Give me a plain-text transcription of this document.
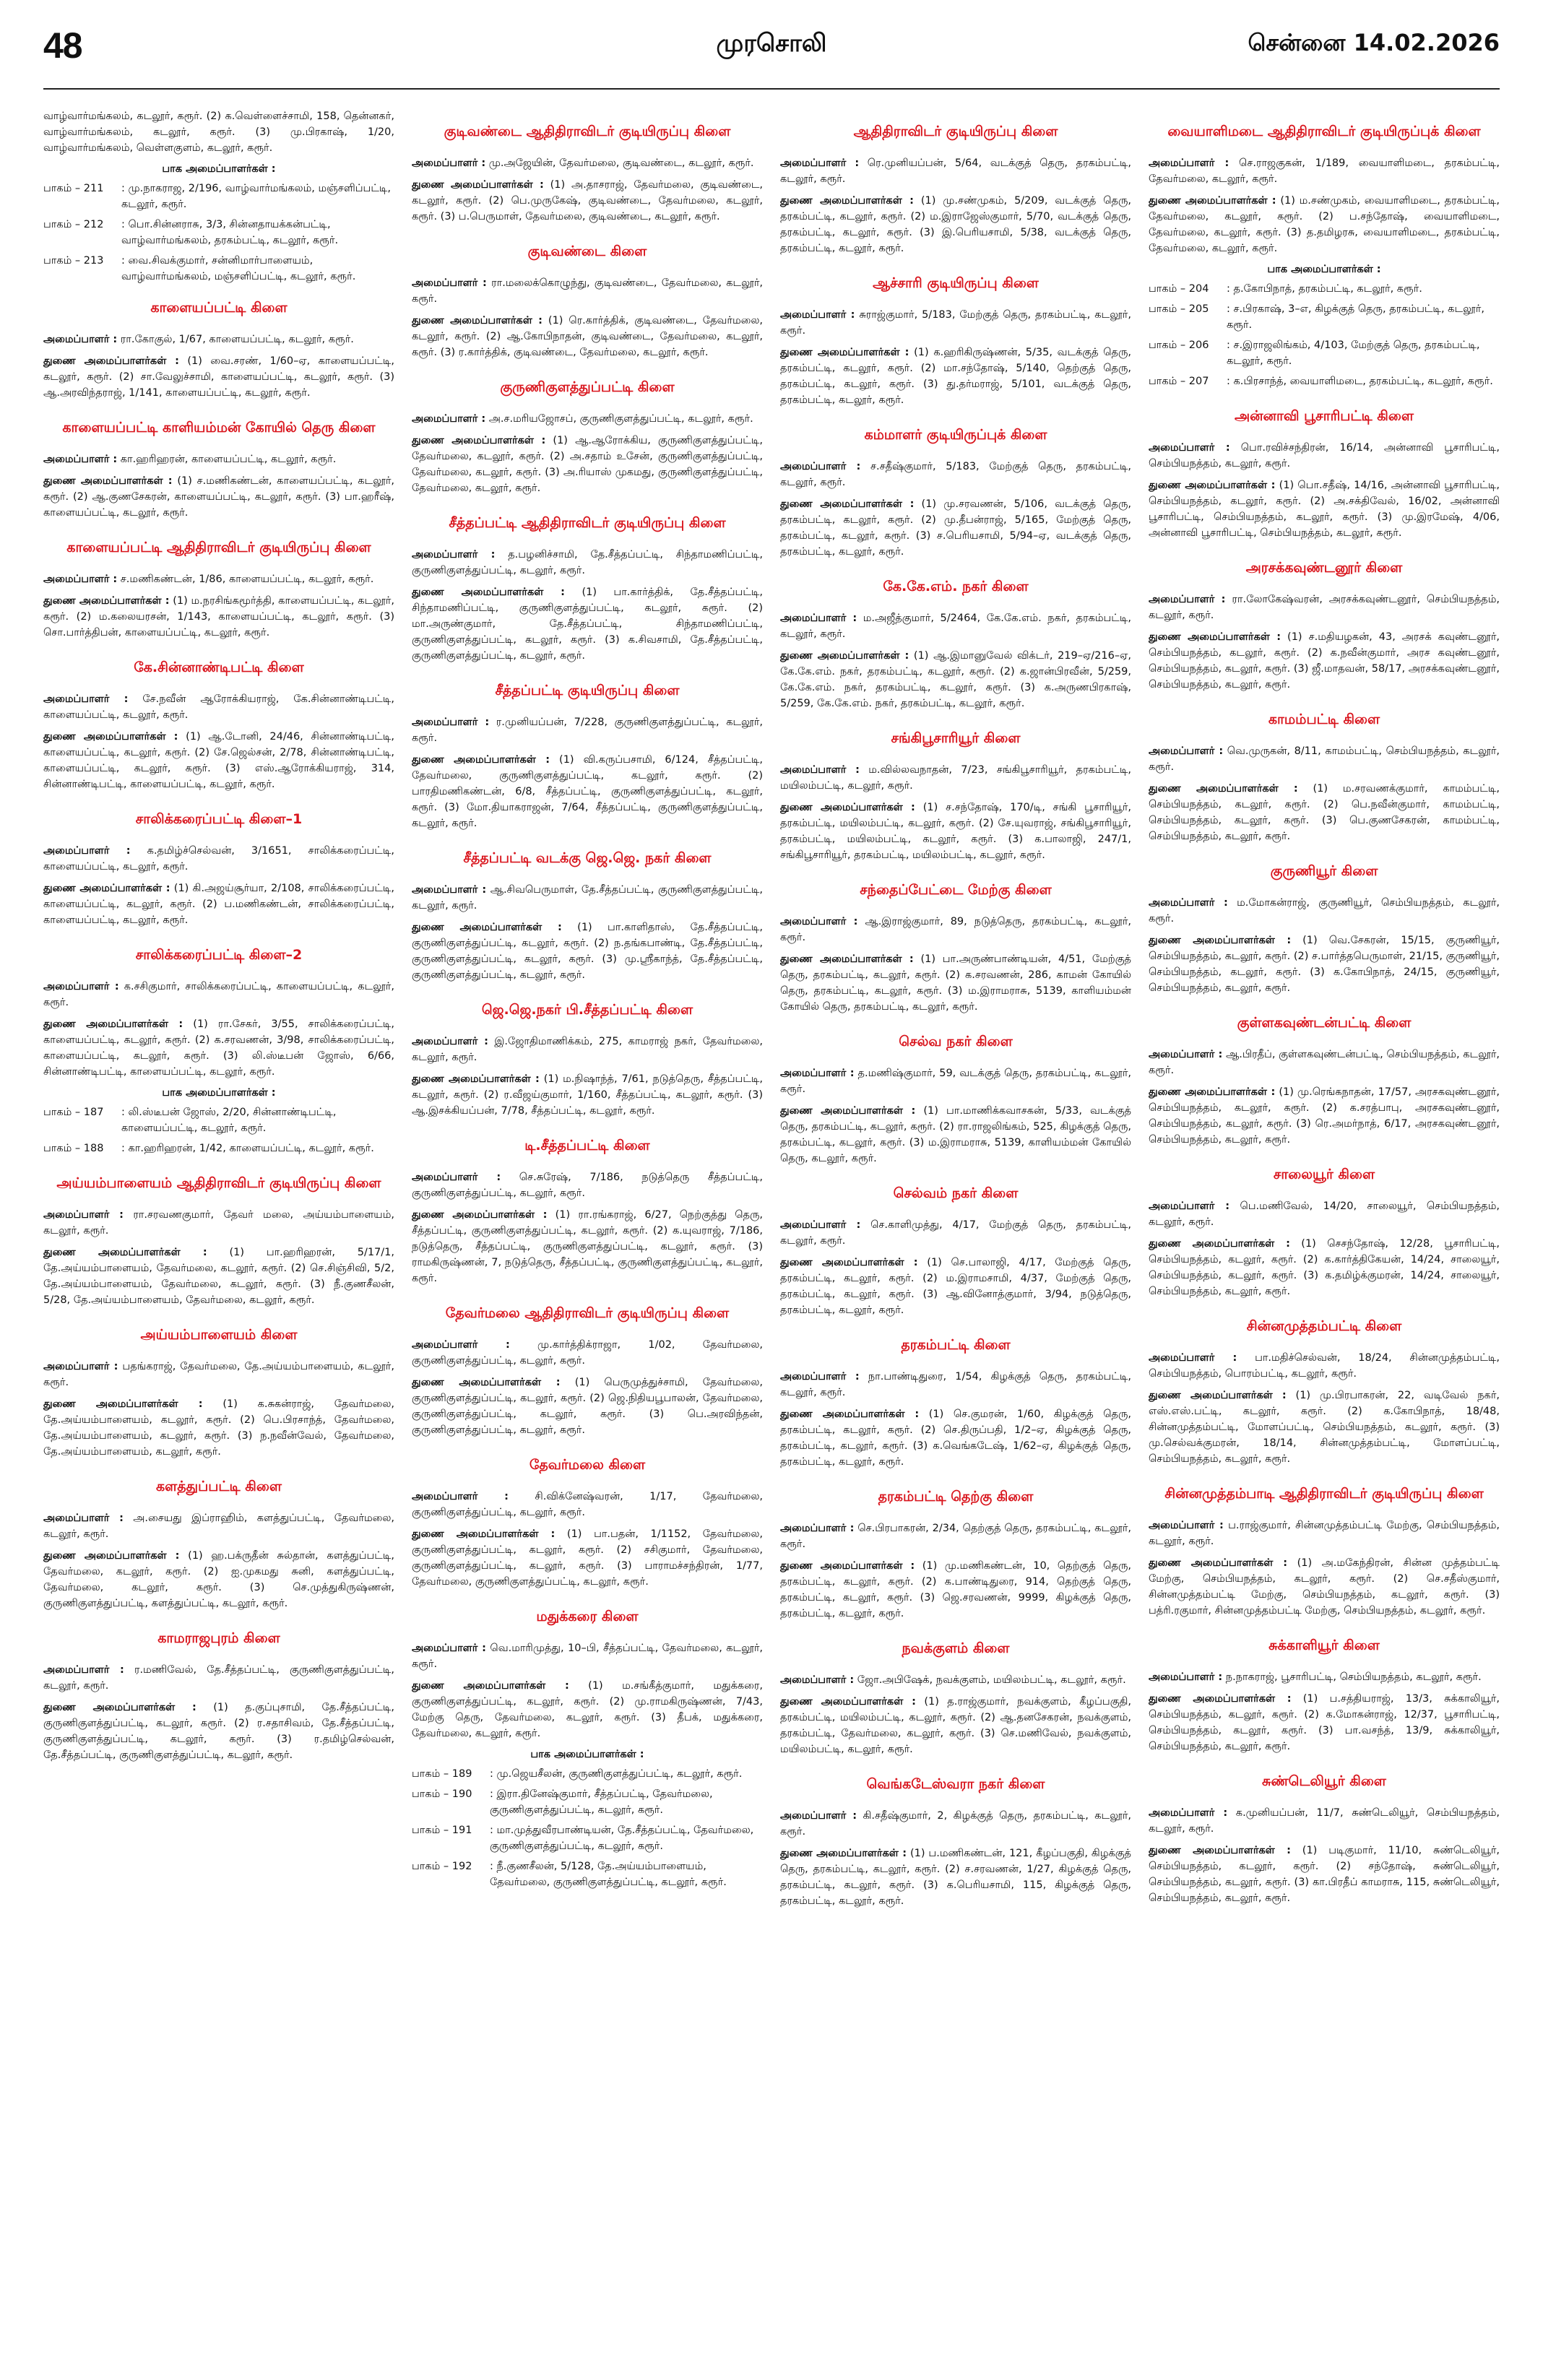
48	முரசொலி	சென்னை 14.02.2026

வாழ்வார்மங்கலம், கடலூர், கரூர். (2) க.வெள்ளைச்சாமி, 158, தென்னகர், வாழ்வார்மங்கலம், கடலூர், கரூர். (3) மு.பிரகாஷ், 1/20, வாழ்வார்மங்கலம், வெள்ளகுளம், கடலூர், கரூர்.

பாக அமைப்பாளர்கள் :
பாகம் – 211	: மு.நாகராஜ, 2/196, வாழ்வார்மங்கலம், மஞ்சளிப்பட்டி, கடலூர், கரூர்.
பாகம் – 212	: பொ.சின்னராசு, 3/3, சின்னதாயக்கன்பட்டி, வாழ்வார்மங்கலம், தரகம்பட்டி, கடலூர், கரூர்.
பாகம் – 213	: வை.சிவக்குமார், சன்னிமார்பாளையம், வாழ்வார்மங்கலம், மஞ்சளிப்பட்டி, கடலூர், கரூர்.
காளையப்பட்டி கிளை

அமைப்பாளர் : ரா.கோகுல், 1/67, காளையப்பட்டி, கடலூர், கரூர்.

துணை அமைப்பாளர்கள் : (1) வை.சரண், 1/60–ஏ, காளையப்பட்டி, கடலூர், கரூர். (2) சா.வேலுச்சாமி, காளையப்பட்டி, கடலூர், கரூர். (3) ஆ.அரவிந்தராஜ், 1/141, காளையப்பட்டி, கடலூர், கரூர்.

காளையப்பட்டி காளியம்மன் கோயில் தெரு கிளை

அமைப்பாளர் : கா.ஹரிஹரன், காளையப்பட்டி, கடலூர், கரூர்.

துணை அமைப்பாளர்கள் : (1) ச.மணிகண்டன், காளையப்பட்டி, கடலூர், கரூர். (2) ஆ.குணசேகரன், காளையப்பட்டி, கடலூர், கரூர். (3) பா.ஹரீஷ், காளையப்பட்டி, கடலூர், கரூர்.

காளையப்பட்டி ஆதிதிராவிடர் குடியிருப்பு கிளை

அமைப்பாளர் : ச.மணிகண்டன், 1/86, காளையப்பட்டி, கடலூர், கரூர்.

துணை அமைப்பாளர்கள் : (1) ம.நரசிங்கமூர்த்தி, காளையப்பட்டி, கடலூர், கரூர். (2) ம.கலையரசன், 1/143, காளையப்பட்டி, கடலூர், கரூர். (3) சொ.பார்த்திபன், காளையப்பட்டி, கடலூர், கரூர்.

கே.சின்னாண்டிபட்டி கிளை

அமைப்பாளர் : சே.நவீன் ஆரோக்கியராஜ், கே.சின்னாண்டிபட்டி, காளையப்பட்டி, கடலூர், கரூர்.

துணை அமைப்பாளர்கள் : (1) ஆ.டோனி, 24/46, சின்னாண்டிபட்டி, காளையப்பட்டி, கடலூர், கரூர். (2) சே.ஜெல்சன், 2/78, சின்னாண்டிபட்டி, காளையப்பட்டி, கடலூர், கரூர். (3) எஸ்.ஆரோக்கியராஜ், 314, சின்னாண்டிபட்டி, காளையப்பட்டி, கடலூர், கரூர்.

சாலிக்கரைப்பட்டி கிளை–1

அமைப்பாளர் : க.தமிழ்ச்செல்வன், 3/1651, சாலிக்கரைப்பட்டி, காளையப்பட்டி, கடலூர், கரூர்.

துணை அமைப்பாளர்கள் : (1) கி.அஜய்சூர்யா, 2/108, சாலிக்கரைப்பட்டி, காளையப்பட்டி, கடலூர், கரூர். (2) ப.மணிகண்டன், சாலிக்கரைப்பட்டி, காளையப்பட்டி, கடலூர், கரூர்.

சாலிக்கரைப்பட்டி கிளை–2

அமைப்பாளர் : க.சசிகுமார், சாலிக்கரைப்பட்டி, காளையப்பட்டி, கடலூர், கரூர்.

துணை அமைப்பாளர்கள் : (1) ரா.சேகர், 3/55, சாலிக்கரைப்பட்டி, காளையப்பட்டி, கடலூர், கரூர். (2) க.சரவணன், 3/98, சாலிக்கரைப்பட்டி, காளையப்பட்டி, கடலூர், கரூர். (3) லி.ஸ்டீபன் ஜோஸ், 6/66, சின்னாண்டிபட்டி, காளையப்பட்டி, கடலூர், கரூர்.

பாக அமைப்பாளர்கள் :
பாகம் – 187	: லி.ஸ்டீபன் ஜோஸ், 2/20, சின்னாண்டிபட்டி, காளையப்பட்டி, கடலூர், கரூர்.
பாகம் – 188	: கா.ஹரிஹரன், 1/42, காளையப்பட்டி, கடலூர், கரூர்.
அய்யம்பாளையம் ஆதிதிராவிடர் குடியிருப்பு கிளை

அமைப்பாளர் : ரா.சரவணகுமார், தேவர் மலை, அய்யம்பாளையம், கடலூர், கரூர்.

துணை அமைப்பாளர்கள் : (1) பா.ஹரிஹரன், 5/17/1, தே.அய்யம்பாளையம், தேவர்மலை, கடலூர், கரூர். (2) செ.சிஞ்சிவி, 5/2, தே.அய்யம்பாளையம், தேவர்மலை, கடலூர், கரூர். (3) நீ.குணசீலன், 5/28, தே.அய்யம்பாளையம், தேவர்மலை, கடலூர், கரூர்.

அய்யம்பாளையம் கிளை

அமைப்பாளர் : பதங்கராஜ், தேவர்மலை, தே.அய்யம்பாளையம், கடலூர், கரூர்.

துணை அமைப்பாளர்கள் : (1) க.சுகன்ராஜ், தேவர்மலை, தே.அய்யம்பாளையம், கடலூர், கரூர். (2) பெ.பிரசாந்த், தேவர்மலை, தே.அய்யம்பாளையம், கடலூர், கரூர். (3) ந.நவீன்வேல், தேவர்மலை, தே.அய்யம்பாளையம், கடலூர், கரூர்.

களத்துப்பட்டி கிளை

அமைப்பாளர் : அ.சையது இப்ராஹிம், களத்துப்பட்டி, தேவர்மலை, கடலூர், கரூர்.

துணை அமைப்பாளர்கள் : (1) ஹ.பக்ருதீன் சுல்தான், களத்துப்பட்டி, தேவர்மலை, கடலூர், கரூர். (2) ஐ.முகமது சுனி, களத்துப்பட்டி, தேவர்மலை, கடலூர், கரூர். (3) செ.முத்துகிருஷ்ணன், குருணிகுளத்துப்பட்டி, களத்துப்பட்டி, கடலூர், கரூர்.

காமராஜபுரம் கிளை

அமைப்பாளர் : ர.மணிவேல், தே.சீத்தப்பட்டி, குருணிகுளத்துப்பட்டி, கடலூர், கரூர்.

துணை அமைப்பாளர்கள் : (1) த.குப்புசாமி, தே.சீத்தப்பட்டி, குருணிகுளத்துப்பட்டி, கடலூர், கரூர். (2) ர.சதாசிவம், தே.சீத்தப்பட்டி, குருணிகுளத்துப்பட்டி, கடலூர், கரூர். (3) ர.தமிழ்செல்வன், தே.சீத்தப்பட்டி, குருணிகுளத்துப்பட்டி, கடலூர், கரூர்.

குடிவண்டை ஆதிதிராவிடர் குடியிருப்பு கிளை

அமைப்பாளர் : மு.அஜேயின், தேவர்மலை, குடிவண்டை, கடலூர், கரூர்.

துணை அமைப்பாளர்கள் : (1) அ.தாசராஜ், தேவர்மலை, குடிவண்டை, கடலூர், கரூர். (2) பெ.முருகேஷ், குடிவண்டை, தேவர்மலை, கடலூர், கரூர். (3) ப.பெருமாள், தேவர்மலை, குடிவண்டை, கடலூர், கரூர்.

குடிவண்டை கிளை

அமைப்பாளர் : ரா.மலைக்கொழுந்து, குடிவண்டை, தேவர்மலை, கடலூர், கரூர்.

துணை அமைப்பாளர்கள் : (1) ரெ.கார்த்திக், குடிவண்டை, தேவர்மலை, கடலூர், கரூர். (2) ஆ.கோபிநாதன், குடிவண்டை, தேவர்மலை, கடலூர், கரூர். (3) ர.கார்த்திக், குடிவண்டை, தேவர்மலை, கடலூர், கரூர்.

குருணிகுளத்துப்பட்டி கிளை

அமைப்பாளர் : அ.ச.மரியஜோசப், குருணிகுளத்துப்பட்டி, கடலூர், கரூர்.

துணை அமைப்பாளர்கள் : (1) ஆ.ஆரோக்கிய, குருணிகுளத்துப்பட்டி, தேவர்மலை, கடலூர், கரூர். (2) அ.சதாம் உசேன், குருணிகுளத்துப்பட்டி, தேவர்மலை, கடலூர், கரூர். (3) அ.ரியாஸ் முகமது, குருணிகுளத்துப்பட்டி, தேவர்மலை, கடலூர், கரூர்.

சீத்தப்பட்டி ஆதிதிராவிடர் குடியிருப்பு கிளை

அமைப்பாளர் : த.பழனிச்சாமி, தே.சீத்தப்பட்டி, சிந்தாமணிப்பட்டி, குருணிகுளத்துப்பட்டி, கடலூர், கரூர்.

துணை அமைப்பாளர்கள் : (1) பா.கார்த்திக், தே.சீத்தப்பட்டி, சிந்தாமணிப்பட்டி, குருணிகுளத்துப்பட்டி, கடலூர், கரூர். (2) மா.அருண்குமார், தே.சீத்தப்பட்டி, சிந்தாமணிப்பட்டி, குருணிகுளத்துப்பட்டி, கடலூர், கரூர். (3) க.சிவசாமி, தே.சீத்தப்பட்டி, குருணிகுளத்துப்பட்டி, கடலூர், கரூர்.

சீத்தப்பட்டி குடியிருப்பு கிளை

அமைப்பாளர் : ர.முனியப்பன், 7/228, குருணிகுளத்துப்பட்டி, கடலூர், கரூர்.

துணை அமைப்பாளர்கள் : (1) வி.கருப்பசாமி, 6/124, சீத்தப்பட்டி, தேவர்மலை, குருணிகுளத்துப்பட்டி, கடலூர், கரூர். (2) பாரதிமணிகண்டன், 6/8, சீத்தப்பட்டி, குருணிகுளத்துப்பட்டி, கடலூர், கரூர். (3) மோ.தியாகராஜன், 7/64, சீத்தப்பட்டி, குருணிகுளத்துப்பட்டி, கடலூர், கரூர்.

சீத்தப்பட்டி வடக்கு ஜெ.ஜெ. நகர் கிளை

அமைப்பாளர் : ஆ.சிவபெருமாள், தே.சீத்தப்பட்டி, குருணிகுளத்துப்பட்டி, கடலூர், கரூர்.

துணை அமைப்பாளர்கள் : (1) பா.காளிதாஸ், தே.சீத்தப்பட்டி, குருணிகுளத்துப்பட்டி, கடலூர், கரூர். (2) ந.தங்கபாண்டி, தே.சீத்தப்பட்டி, குருணிகுளத்துப்பட்டி, கடலூர், கரூர். (3) மு.ஸ்ரீகாந்த், தே.சீத்தப்பட்டி, குருணிகுளத்துப்பட்டி, கடலூர், கரூர்.

ஜெ.ஜெ.நகர் பி.சீத்தப்பட்டி கிளை

அமைப்பாளர் : இ.ஜோதிமாணிக்கம், 275, காமராஜ் நகர், தேவர்மலை, கடலூர், கரூர்.

துணை அமைப்பாளர்கள் : (1) ம.நிஷாந்த், 7/61, நடுத்தெரு, சீத்தப்பட்டி, கடலூர், கரூர். (2) ர.வீஜய்குமார், 1/160, சீத்தப்பட்டி, கடலூர், கரூர். (3) ஆ.இசக்கியப்பன், 7/78, சீத்தப்பட்டி, கடலூர், கரூர்.

டி.சீத்தப்பட்டி கிளை

அமைப்பாளர் : செ.சுரேஷ், 7/186, நடுத்தெரு சீத்தப்பட்டி, குருணிகுளத்துப்பட்டி, கடலூர், கரூர்.

துணை அமைப்பாளர்கள் : (1) ரா.ரங்கராஜ், 6/27, நெற்குத்து தெரு, சீத்தப்பட்டி, குருணிகுளத்துப்பட்டி, கடலூர், கரூர். (2) க.யுவராஜ், 7/186, நடுத்தெரு, சீத்தப்பட்டி, குருணிகுளத்துப்பட்டி, கடலூர், கரூர். (3) ராமகிருஷ்ணன், 7, நடுத்தெரு, சீத்தப்பட்டி, குருணிகுளத்துப்பட்டி, கடலூர், கரூர்.

தேவர்மலை ஆதிதிராவிடர் குடியிருப்பு கிளை

அமைப்பாளர் :	மு.கார்த்திக்ராஜா, 1/02, தேவர்மலை, குருணிகுளத்துப்பட்டி, கடலூர், கரூர்.

துணை அமைப்பாளர்கள் : (1) பெருமுத்துச்சாமி, தேவர்மலை, குருணிகுளத்துப்பட்டி, கடலூர், கரூர். (2) ஜெ.நிதியபூபாலன், தேவர்மலை, குருணிகுளத்துப்பட்டி, கடலூர், கரூர். (3) பெ.அரவிந்தன், குருணிகுளத்துப்பட்டி, கடலூர், கரூர்.

தேவர்மலை கிளை

அமைப்பாளர் :	சி.விக்னேஷ்வரன், 1/17, தேவர்மலை, குருணிகுளத்துப்பட்டி, கடலூர், கரூர்.

துணை அமைப்பாளர்கள் : (1) பா.பதன், 1/1152, தேவர்மலை, குருணிகுளத்துப்பட்டி, கடலூர், கரூர். (2) சசிகுமார், தேவர்மலை, குருணிகுளத்துப்பட்டி, கடலூர், கரூர். (3) பாராமச்சந்திரன், 1/77, தேவர்மலை, குருணிகுளத்துப்பட்டி, கடலூர், கரூர்.

மதுக்கரை கிளை

அமைப்பாளர் : வெ.மாரிமுத்து, 10–பி, சீத்தப்பட்டி, தேவர்மலை, கடலூர், கரூர்.

துணை அமைப்பாளர்கள் : (1) ம.சங்கீத்குமார், மதுக்கரை, குருணிகுளத்துப்பட்டி, கடலூர், கரூர். (2) மு.ராமகிருஷ்ணன், 7/43, மேற்கு தெரு, தேவர்மலை, கடலூர், கரூர். (3) தீபக், மதுக்கரை, தேவர்மலை, கடலூர், கரூர்.

பாக அமைப்பாளர்கள் :
பாகம் – 189	: மு.ஜெயசீலன், குருணிகுளத்துப்பட்டி, கடலூர், கரூர்.
பாகம் – 190	: இரா.தினேஷ்குமார், சீத்தப்பட்டி, தேவர்மலை, குருணிகுளத்துப்பட்டி, கடலூர், கரூர்.
பாகம் – 191	: மா.முத்துவீரபாண்டியன், தே.சீத்தப்பட்டி, தேவர்மலை, குருணிகுளத்துப்பட்டி, கடலூர், கரூர்.
பாகம் – 192	: நீ.குணசீலன், 5/128, தே.அய்யம்பாளையம், தேவர்மலை, குருணிகுளத்துப்பட்டி, கடலூர், கரூர்.
ஆதிதிராவிடர் குடியிருப்பு கிளை

அமைப்பாளர் : ரெ.முனியப்பன், 5/64, வடக்குத் தெரு, தரகம்பட்டி, கடலூர், கரூர்.

துணை அமைப்பாளர்கள் : (1) மு.சண்முகம், 5/209, வடக்குத் தெரு, தரகம்பட்டி, கடலூர், கரூர். (2) ம.இராஜேஸ்குமார், 5/70, வடக்குத் தெரு, தரகம்பட்டி, கடலூர், கரூர். (3) இ.பெரியசாமி, 5/38, வடக்குத் தெரு, தரகம்பட்டி, கடலூர், கரூர்.

ஆச்சாரி குடியிருப்பு கிளை

அமைப்பாளர் : சுராஜ்குமார், 5/183, மேற்குத் தெரு, தரகம்பட்டி, கடலூர், கரூர்.

துணை அமைப்பாளர்கள் : (1) க.ஹரிகிருஷ்ணன், 5/35, வடக்குத் தெரு, தரகம்பட்டி, கடலூர், கரூர். (2) மா.சந்தோஷ், 5/140, தெற்குத் தெரு, தரகம்பட்டி, கடலூர், கரூர். (3) து.தர்மராஜ், 5/101, வடக்குத் தெரு, தரகம்பட்டி, கடலூர், கரூர்.

கம்மாளர் குடியிருப்புக் கிளை

அமைப்பாளர் : ச.சதீஷ்குமார், 5/183, மேற்குத் தெரு, தரகம்பட்டி, கடலூர், கரூர்.

துணை அமைப்பாளர்கள் : (1) மு.சரவணன், 5/106, வடக்குத் தெரு, தரகம்பட்டி, கடலூர், கரூர். (2) மு.தீபன்ராஜ், 5/165, மேற்குத் தெரு, தரகம்பட்டி, கடலூர், கரூர். (3) ச.பெரியசாமி, 5/94–ஏ, வடக்குத் தெரு, தரகம்பட்டி, கடலூர், கரூர்.

கே.கே.எம். நகர் கிளை

அமைப்பாளர் : ம.அஜீத்குமார், 5/2464, கே.கே.எம். நகர், தரகம்பட்டி, கடலூர், கரூர்.

துணை அமைப்பாளர்கள் : (1) ஆ.இமானுவேல் விக்டர், 219–ஏ/216–ஏ, கே.கே.எம். நகர், தரகம்பட்டி, கடலூர், கரூர். (2) க.ஜான்பிரவீன், 5/259, கே.கே.எம். நகர், தரகம்பட்டி, கடலூர், கரூர். (3) க.அருணபிரகாஷ், 5/259, கே.கே.எம். நகர், தரகம்பட்டி, கடலூர், கரூர்.

சங்கிபூசாரியூர் கிளை

அமைப்பாளர் : ம.வில்லவநாதன், 7/23, சங்கிபூசாரியூர், தரகம்பட்டி, மயிலம்பட்டி, கடலூர், கரூர்.

துணை அமைப்பாளர்கள் : (1) ச.சந்தோஷ், 170/டி, சங்கி பூசாரியூர், தரகம்பட்டி, மயிலம்பட்டி, கடலூர், கரூர். (2) சே.யுவராஜ், சங்கிபூசாரியூர், தரகம்பட்டி, மயிலம்பட்டி, கடலூர், கரூர். (3) க.பாலாஜி, 247/1, சங்கிபூசாரியூர், தரகம்பட்டி, மயிலம்பட்டி, கடலூர், கரூர்.

சந்தைப்பேட்டை மேற்கு கிளை

அமைப்பாளர் : ஆ.இராஜ்குமார், 89, நடுத்தெரு, தரகம்பட்டி, கடலூர், கரூர்.

துணை அமைப்பாளர்கள் : (1) பா.அருண்பாண்டியன், 4/51, மேற்குத் தெரு, தரகம்பட்டி, கடலூர், கரூர். (2) க.சரவணன், 286, காமன் கோயில் தெரு, தரகம்பட்டி, கடலூர், கரூர். (3) ம.இராமராசு, 5139, காளியம்மன் கோயில் தெரு, தரகம்பட்டி, கடலூர், கரூர்.

செல்வ நகர் கிளை

அமைப்பாளர் : த.மணிஷ்குமார், 59, வடக்குத் தெரு, தரகம்பட்டி, கடலூர், கரூர்.

துணை அமைப்பாளர்கள் : (1) பா.மாணிக்கவாசகன், 5/33, வடக்குத் தெரு, தரகம்பட்டி, கடலூர், கரூர். (2) ரா.ராஜலிங்கம், 525, கிழக்குத் தெரு, தரகம்பட்டி, கடலூர், கரூர். (3) ம.இராமராசு, 5139, காளியம்மன் கோயில் தெரு, கடலூர், கரூர்.

செல்வம் நகர் கிளை

அமைப்பாளர் : செ.காளிமுத்து, 4/17, மேற்குத் தெரு, தரகம்பட்டி, கடலூர், கரூர்.

துணை அமைப்பாளர்கள் : (1) செ.பாலாஜி, 4/17, மேற்குத் தெரு, தரகம்பட்டி, கடலூர், கரூர். (2) ம.இராமசாமி, 4/37, மேற்குத் தெரு, தரகம்பட்டி, கடலூர், கரூர். (3) ஆ.வினோத்குமார், 3/94, நடுத்தெரு, தரகம்பட்டி, கடலூர், கரூர்.

தரகம்பட்டி கிளை

அமைப்பாளர் : நா.பாண்டிதுரை, 1/54, கிழக்குத் தெரு, தரகம்பட்டி, கடலூர், கரூர்.

துணை அமைப்பாளர்கள் : (1) செ.குமரன், 1/60, கிழக்குத் தெரு, தரகம்பட்டி, கடலூர், கரூர். (2) செ.திருப்பதி, 1/2–ஏ, கிழக்குத் தெரு, தரகம்பட்டி, கடலூர், கரூர். (3) க.வெங்கடேஷ், 1/62–ஏ, கிழக்குத் தெரு, தரகம்பட்டி, கடலூர், கரூர்.

தரகம்பட்டி தெற்கு கிளை

அமைப்பாளர் : செ.பிரபாகரன், 2/34, தெற்குத் தெரு, தரகம்பட்டி, கடலூர், கரூர்.

துணை அமைப்பாளர்கள் : (1) மு.மணிகண்டன், 10, தெற்குத் தெரு, தரகம்பட்டி, கடலூர், கரூர். (2) க.பாண்டிதுரை, 914, தெற்குத் தெரு, தரகம்பட்டி, கடலூர், கரூர். (3) ஜெ.சரவணன், 9999, கிழக்குத் தெரு, தரகம்பட்டி, கடலூர், கரூர்.

நவக்குளம் கிளை

அமைப்பாளர் : ஜோ.அபிஷேக், நவக்குளம், மயிலம்பட்டி, கடலூர், கரூர்.

துணை அமைப்பாளர்கள் : (1) த.ராஜ்குமார், நவக்குளம், கீழப்பகுதி, தரகம்பட்டி, மயிலம்பட்டி, கடலூர், கரூர். (2) ஆ.தனசேகரன், நவக்குளம், தரகம்பட்டி, தேவர்மலை, கடலூர், கரூர். (3) செ.மணிவேல், நவக்குளம், மயிலம்பட்டி, கடலூர், கரூர்.

வெங்கடேஸ்வரா நகர் கிளை

அமைப்பாளர் : கி.சதீஷ்குமார், 2, கிழக்குத் தெரு, தரகம்பட்டி, கடலூர், கரூர்.

துணை அமைப்பாளர்கள் : (1) ப.மணிகண்டன், 121, கீழப்பகுதி, கிழக்குத் தெரு, தரகம்பட்டி, கடலூர், கரூர். (2) ச.சரவணன், 1/27, கிழக்குத் தெரு, தரகம்பட்டி, கடலூர், கரூர். (3) க.பெரியசாமி, 115, கிழக்குத் தெரு, தரகம்பட்டி, கடலூர், கரூர்.

வையாளிமடை ஆதிதிராவிடர் குடியிருப்புக் கிளை

அமைப்பாளர் : செ.ராஜகுகன், 1/189, வையாளிமடை, தரகம்பட்டி, தேவர்மலை, கடலூர், கரூர்.

துணை அமைப்பாளர்கள் : (1) ம.சண்முகம், வையாளிமடை, தரகம்பட்டி, தேவர்மலை, கடலூர், கரூர். (2) ப.சந்தோஷ், வையாளிமடை, தேவர்மலை, கடலூர், கரூர். (3) த.தமிழரசு, வையாளிமடை, தரகம்பட்டி, தேவர்மலை, கடலூர், கரூர்.

பாக அமைப்பாளர்கள் :
பாகம் – 204	: த.கோபிநாத், தரகம்பட்டி, கடலூர், கரூர்.
பாகம் – 205	: ச.பிரகாஷ், 3–எ, கிழக்குத் தெரு, தரகம்பட்டி, கடலூர், கரூர்.
பாகம் – 206	: ச.இராஜலிங்கம், 4/103, மேற்குத் தெரு, தரகம்பட்டி, கடலூர், கரூர்.
பாகம் – 207	: க.பிரசாந்த், வையாளிமடை, தரகம்பட்டி, கடலூர், கரூர்.
அன்னாவி பூசாரிபட்டி கிளை

அமைப்பாளர் : பொ.ரவிச்சந்திரன், 16/14, அன்னாவி பூசாரிபட்டி, செம்பியநத்தம், கடலூர், கரூர்.

துணை அமைப்பாளர்கள் : (1) பொ.சதீஷ், 14/16, அன்னாவி பூசாரிபட்டி, செம்பியநத்தம், கடலூர், கரூர். (2) அ.சக்திவேல், 16/02, அன்னாவி பூசாரிபட்டி, செம்பியநத்தம், கடலூர், கரூர். (3) மு.இரமேஷ், 4/06, அன்னாவி பூசாரிபட்டி, செம்பியநத்தம், கடலூர், கரூர்.

அரசக்கவுண்டனூர் கிளை

அமைப்பாளர் : ரா.லோகேஷ்வரன், அரசக்கவுண்டனூர், செம்பியநத்தம், கடலூர், கரூர்.

துணை அமைப்பாளர்கள் : (1) ச.மதியழகன், 43, அரசக் கவுண்டனூர், செம்பியநத்தம், கடலூர், கரூர். (2) க.நவீன்குமார், அரச கவுண்டனூர், செம்பியநத்தம், கடலூர், கரூர். (3) ஜீ.மாதவன், 58/17, அரசக்கவுண்டனூர், செம்பியநத்தம், கடலூர், கரூர்.

காமம்பட்டி கிளை

அமைப்பாளர் : வெ.முருகன், 8/11, காமம்பட்டி, செம்பியநத்தம், கடலூர், கரூர்.

துணை அமைப்பாளர்கள் : (1) ம.சரவணக்குமார், காமம்பட்டி, செம்பியநத்தம், கடலூர், கரூர். (2) பெ.நவீன்குமார், காமம்பட்டி, செம்பியநத்தம், கடலூர், கரூர். (3) பெ.குணசேகரன், காமம்பட்டி, செம்பியநத்தம், கடலூர், கரூர்.

குருணியூர் கிளை

அமைப்பாளர் : ம.மோகன்ராஜ், குருணியூர், செம்பியநத்தம், கடலூர், கரூர்.

துணை அமைப்பாளர்கள் : (1) வெ.சேகரன், 15/15, குருணியூர், செம்பியநத்தம், கடலூர், கரூர். (2) ச.பார்த்தபெருமாள், 21/15, குருணியூர், செம்பியநத்தம், கடலூர், கரூர். (3) க.கோபிநாத், 24/15, குருணியூர், செம்பியநத்தம், கடலூர், கரூர்.

குள்ளகவுண்டன்பட்டி கிளை

அமைப்பாளர் : ஆ.பிரதீப், குள்ளகவுண்டன்பட்டி, செம்பியநத்தம், கடலூர், கரூர்.

துணை அமைப்பாளர்கள் : (1) மு.ரெங்கநாதன், 17/57, அரசகவுண்டனூர், செம்பியநத்தம், கடலூர், கரூர். (2) க.சரத்பாபு, அரசகவுண்டனூர், செம்பியநத்தம், கடலூர், கரூர். (3) ரெ.அமர்நாத், 6/17, அரசகவுண்டனூர், செம்பியநத்தம், கடலூர், கரூர்.

சாலையூர் கிளை

அமைப்பாளர் : பெ.மணிவேல், 14/20, சாலையூர், செம்பியநத்தம், கடலூர், கரூர்.

துணை அமைப்பாளர்கள் : (1) செசந்தோஷ், 12/28, பூசாரிபட்டி, செம்பியநத்தம், கடலூர், கரூர். (2) க.கார்த்திகேயன், 14/24, சாலையூர், செம்பியநத்தம், கடலூர், கரூர். (3) க.தமிழ்க்குமரன், 14/24, சாலையூர், செம்பியநத்தம், கடலூர், கரூர்.

சின்னமுத்தம்பட்டி கிளை

அமைப்பாளர் : பா.மதிச்செல்வன், 18/24, சின்னமுத்தம்பட்டி, செம்பியநத்தம், பொரம்பட்டி, கடலூர், கரூர்.

துணை அமைப்பாளர்கள் : (1) மு.பிரபாகரன், 22, வடிவேல் நகர், எஸ்.எஸ்.பட்டி, கடலூர், கரூர். (2) க.கோபிநாத், 18/48, சின்னமுத்தம்பட்டி, மோளப்பட்டி, செம்பியநத்தம், கடலூர், கரூர். (3) மு.செல்வக்குமரன், 18/14, சின்னமுத்தம்பட்டி, மோளப்பட்டி, செம்பியநத்தம், கடலூர், கரூர்.

சின்னமுத்தம்பாடி ஆதிதிராவிடர் குடியிருப்பு கிளை

அமைப்பாளர் : ப.ராஜ்குமார், சின்னமுத்தம்பட்டி மேற்கு, செம்பியநத்தம், கடலூர், கரூர்.

துணை அமைப்பாளர்கள் : (1) அ.மகேந்திரன், சின்ன முத்தம்பட்டி மேற்கு, செம்பியநத்தம், கடலூர், கரூர். (2) செ.சதீஸ்குமார், சின்னமுத்தம்பட்டி மேற்கு, செம்பியநத்தம், கடலூர், கரூர். (3) பத்ரி.ரகுமார், சின்னமுத்தம்பட்டி மேற்கு, செம்பியநத்தம், கடலூர், கரூர்.

சுக்காளியூர் கிளை

அமைப்பாளர் : ந.நாகராஜ், பூசாரிபட்டி, செம்பியநத்தம், கடலூர், கரூர்.

துணை அமைப்பாளர்கள் : (1) ப.சத்தியராஜ், 13/3, சுக்காலியூர், செம்பியநத்தம், கடலூர், கரூர். (2) க.மோகன்ராஜ், 12/37, பூசாரிபட்டி, செம்பியநத்தம், கடலூர், கரூர். (3) பா.வசந்த், 13/9, சுக்காலியூர், செம்பியநத்தம், கடலூர், கரூர்.

சுண்டெலியூர் கிளை

அமைப்பாளர் : க.முனியப்பன், 11/7, சுண்டெலியூர், செம்பியநத்தம், கடலூர், கரூர்.

துணை அமைப்பாளர்கள் : (1) படிகுமார், 11/10, சுண்டெலியூர், செம்பியநத்தம், கடலூர், கரூர். (2) சந்தோஷ், சுண்டெலியூர், செம்பியநத்தம், கடலூர், கரூர். (3) கா.பிரதீப் காமராசு, 115, சுண்டெலியூர், செம்பியநத்தம், கடலூர், கரூர்.
